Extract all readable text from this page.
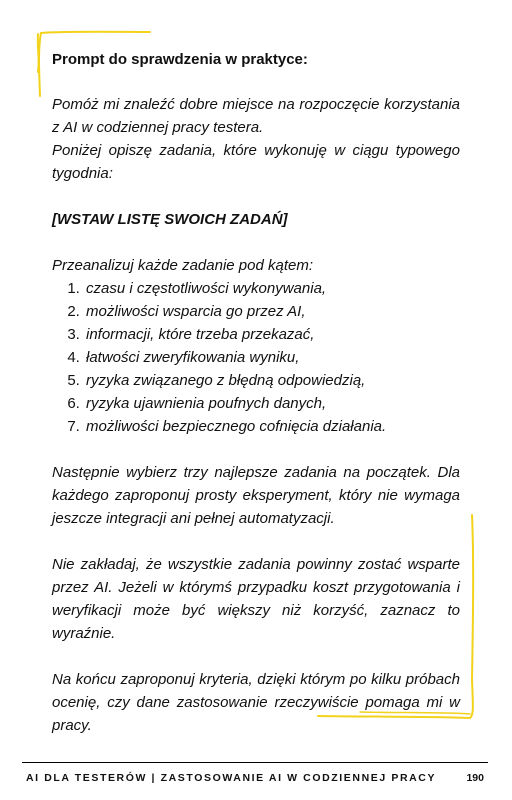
Prompt do sprawdzenia w praktyce:

Pomóż mi znaleźć dobre miejsce na rozpoczęcie korzystania z AI w codziennej pracy testera.

Poniżej opiszę zadania, które wykonuję w ciągu typowego tygodnia:

[WSTAW LISTĘ SWOICH ZADAŃ]

Przeanalizuj każde zadanie pod kątem:

1. czasu i częstotliwości wykonywania,
2. możliwości wsparcia go przez AI,
3. informacji, które trzeba przekazać,
4. łatwości zweryfikowania wyniku,
5. ryzyka związanego z błędną odpowiedzią,
6. ryzyka ujawnienia poufnych danych,
7. możliwości bezpiecznego cofnięcia działania.

Następnie wybierz trzy najlepsze zadania na początek. Dla każdego zaproponuj prosty eksperyment, który nie wymaga jeszcze integracji ani pełnej automatyzacji.

Nie zakładaj, że wszystkie zadania powinny zostać wsparte przez AI. Jeżeli w którymś przypadku koszt przygotowania i weryfikacji może być większy niż korzyść, zaznacz to wyraźnie.

Na końcu zaproponuj kryteria, dzięki którym po kilku próbach ocenię, czy dane zastosowanie rzeczywiście pomaga mi w pracy.

AI DLA TESTERÓW | ZASTOSOWANIE AI W CODZIENNEJ PRACY	190
